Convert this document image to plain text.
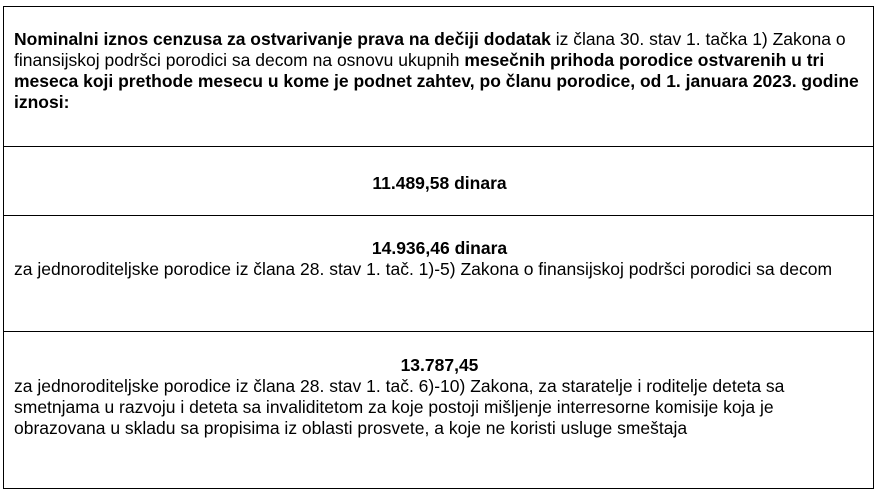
Nominalni iznos cenzusa za ostvarivanje prava na dečiji dodatak iz člana 30. stav 1. tačka 1) Zakona o finansijskoj podršci porodici sa decom na osnovu ukupnih mesečnih prihoda porodice ostvarenih u tri meseca koji prethode mesecu u kome je podnet zahtev, po članu porodice, od 1. januara 2023. godine iznosi:
11.489,58 dinara
14.936,46 dinara
za jednoroditeljske porodice iz člana 28. stav 1. tač. 1)-5) Zakona o finansijskoj podršci porodici sa decom
13.787,45
za jednoroditeljske porodice iz člana 28. stav 1. tač. 6)-10) Zakona, za staratelje i roditelje deteta sa smetnjama u razvoju i deteta sa invaliditetom za koje postoji mišljenje interresorne komisije koja je obrazovana u skladu sa propisima iz oblasti prosvete, a koje ne koristi usluge smeštaja
